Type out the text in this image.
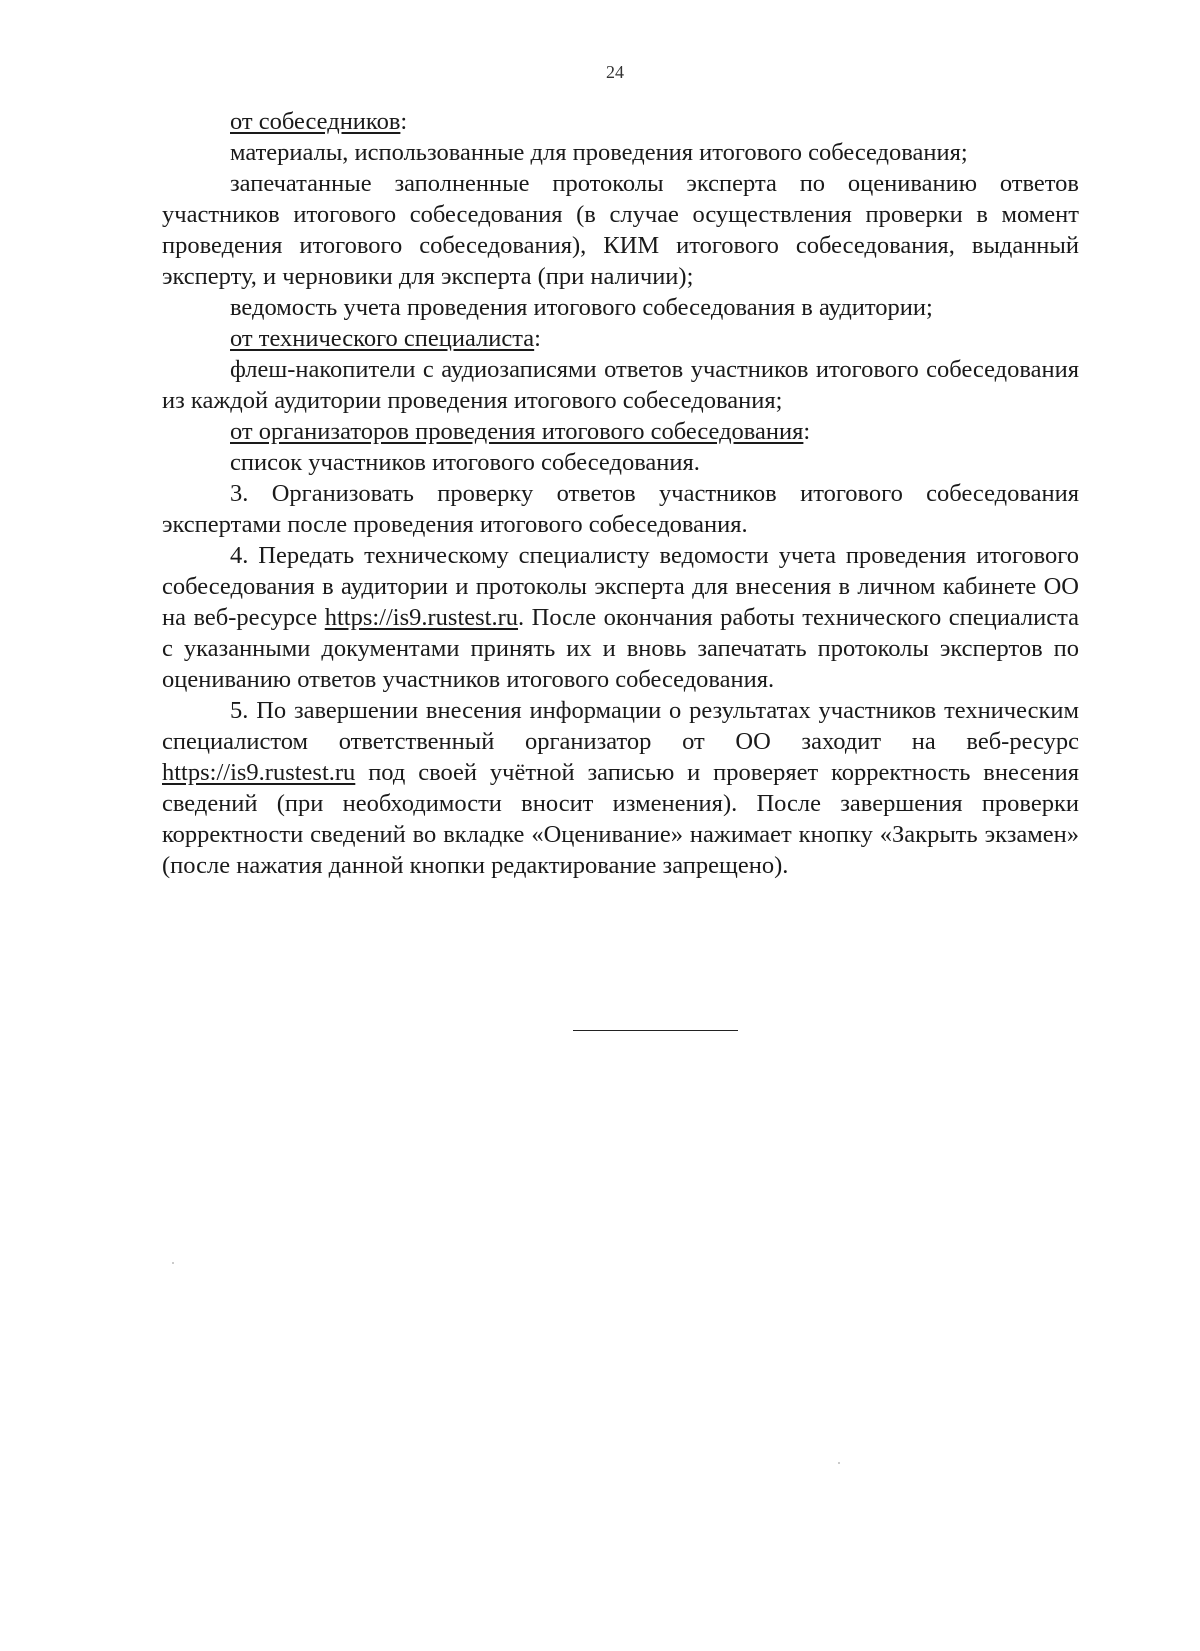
24

от собеседников:

материалы, использованные для проведения итогового собеседования;

запечатанные заполненные протоколы эксперта по оцениванию ответов участников итогового собеседования (в случае осуществления проверки в момент проведения итогового собеседования), КИМ итогового собеседования, выданный эксперту, и черновики для эксперта (при наличии);

ведомость учета проведения итогового собеседования в аудитории;

от технического специалиста:

флеш-накопители с аудиозаписями ответов участников итогового собеседования из каждой аудитории проведения итогового собеседования;

от организаторов проведения итогового собеседования:

список участников итогового собеседования.

3. Организовать проверку ответов участников итогового собеседования экспертами после проведения итогового собеседования.

4. Передать техническому специалисту ведомости учета проведения итогового собеседования в аудитории и протоколы эксперта для внесения в личном кабинете ОО на веб-ресурсе https://is9.rustest.ru. После окончания работы технического специалиста с указанными документами принять их и вновь запечатать протоколы экспертов по оцениванию ответов участников итогового собеседования.

5. По завершении внесения информации о результатах участников техническим специалистом ответственный организатор от ОО заходит на веб-ресурс https://is9.rustest.ru под своей учётной записью и проверяет корректность внесения сведений (при необходимости вносит изменения). После завершения проверки корректности сведений во вкладке «Оценивание» нажимает кнопку «Закрыть экзамен» (после нажатия данной кнопки редактирование запрещено).
